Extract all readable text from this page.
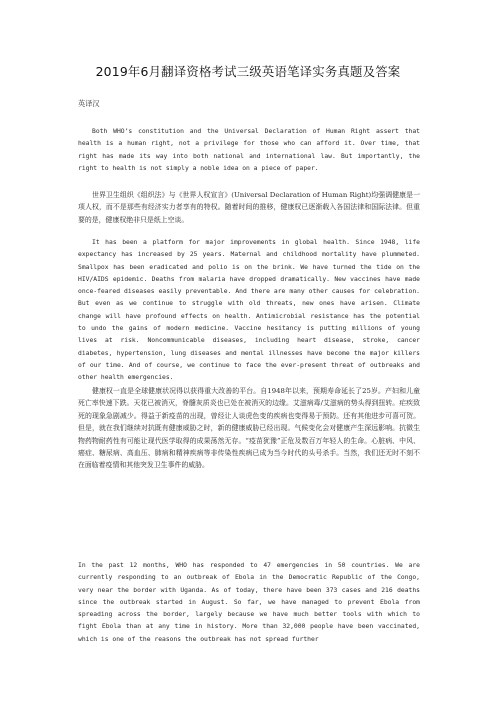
2019年6月翻译资格考试三级英语笔译实务真题及答案
英译汉
Both WHO’s constitution and the Universal Declaration of Human Right assert that health is a human right, not a privilege for those who can afford it. Over time, that right has made its way into both national and international law. But importantly, the right to health is not simply a noble idea on a piece of paper.
世界卫生组织《组织法》与《世界人权宣言》(Universal Declaration of Human Right)均强调健康是一项人权，而不是那些有经济实力者享有的特权。随着时间的推移，健康权已逐渐载入各国法律和国际法律。但重要的是，健康权绝非只是纸上空谈。
It has been a platform for major improvements in global health. Since 1948, life expectancy has increased by 25 years. Maternal and childhood mortality have plummeted. Smallpox has been eradicated and polio is on the brink. We have turned the tide on the HIV/AIDS epidemic. Deaths from malaria have dropped dramatically. New vaccines have made once-feared diseases easily preventable. And there are many other causes for celebration. But even as we continue to struggle with old threats, new ones have arisen. Climate change will have profound effects on health. Antimicrobial resistance has the potential to undo the gains of modern medicine. Vaccine hesitancy is putting millions of young lives at risk. Noncommunicable diseases, including heart disease, stroke, cancer diabetes, hypertension, lung diseases and mental illnesses have become the major killers of our time. And of course, we continue to face the ever-present threat of outbreaks and other health emergencies.
健康权一直是全球健康状况得以获得重大改善的平台。自1948年以来，预期寿命延长了25岁。产妇和儿童死亡率快速下跌。天花已被消灭，脊髓灰质炎也已处在被消灭的边缘。艾滋病毒/艾滋病的势头得到扭转。疟疾致死的现象急剧减少。得益于新疫苗的出现，曾经让人谈虎色变的疾病也变得易于预防。还有其他进步可喜可贺。但是，就在我们继续对抗既有健康威胁之时，新的健康威胁已经出现。气候变化会对健康产生深远影响。抗微生物药物耐药性有可能让现代医学取得的成果荡然无存。“疫苗犹豫”正危及数百万年轻人的生命。心脏病、中风、癌症、糖尿病、高血压、肺病和精神疾病等非传染性疾病已成为当今时代的头号杀手。当然，我们还无时不刻不在面临着疫情和其他突发卫生事件的威胁。
In the past 12 months, WHO has responded to 47 emergencies in 50 countries. We are currently responding to an outbreak of Ebola in the Democratic Republic of the Congo, very near the border with Uganda. As of today, there have been 373 cases and 216 deaths since the outbreak started in August. So far, we have managed to prevent Ebola from spreading across the border, largely because we have much better tools with which to fight Ebola than at any time in history. More than 32,000 people have been vaccinated, which is one of the reasons the outbreak has not spread further
